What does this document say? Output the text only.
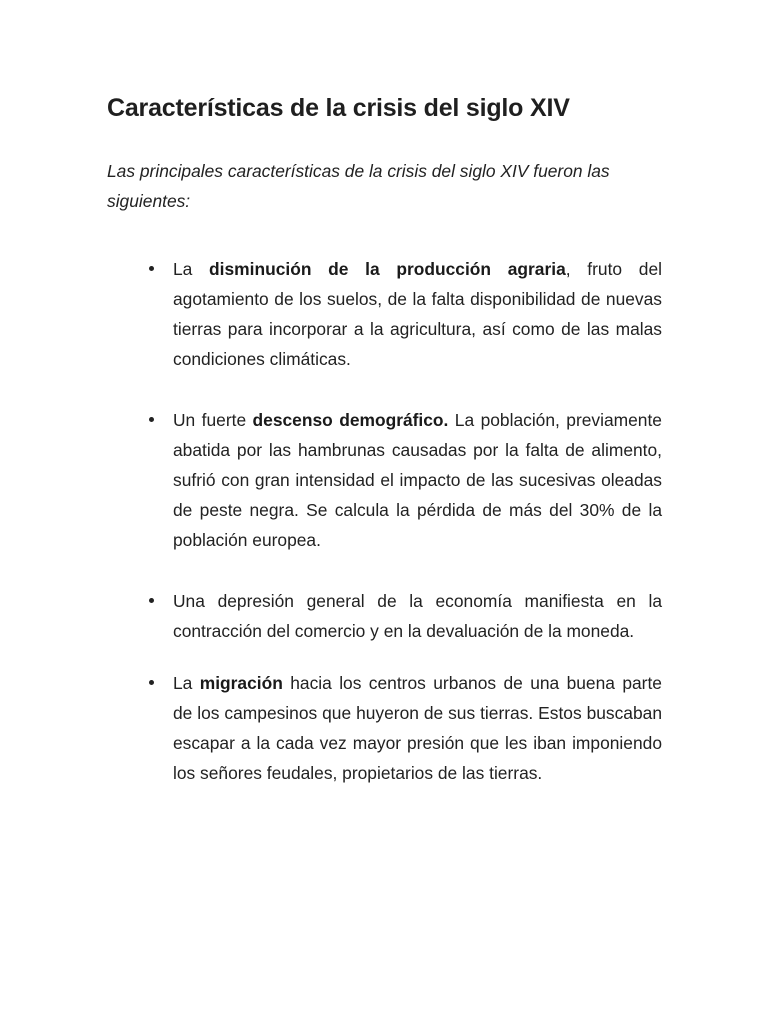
Características de la crisis del siglo XIV

Las principales características de la crisis del siglo XIV fueron las siguientes:

La disminución de la producción agraria, fruto del agotamiento de los suelos, de la falta disponibilidad de nuevas tierras para incorporar a la agricultura, así como de las malas condiciones climáticas.
Un fuerte descenso demográfico. La población, previamente abatida por las hambrunas causadas por la falta de alimento, sufrió con gran intensidad el impacto de las sucesivas oleadas de peste negra. Se calcula la pérdida de más del 30% de la población europea.
Una depresión general de la economía manifiesta en la contracción del comercio y en la devaluación de la moneda.
La migración hacia los centros urbanos de una buena parte de los campesinos que huyeron de sus tierras. Estos buscaban escapar a la cada vez mayor presión que les iban imponiendo los señores feudales, propietarios de las tierras.
